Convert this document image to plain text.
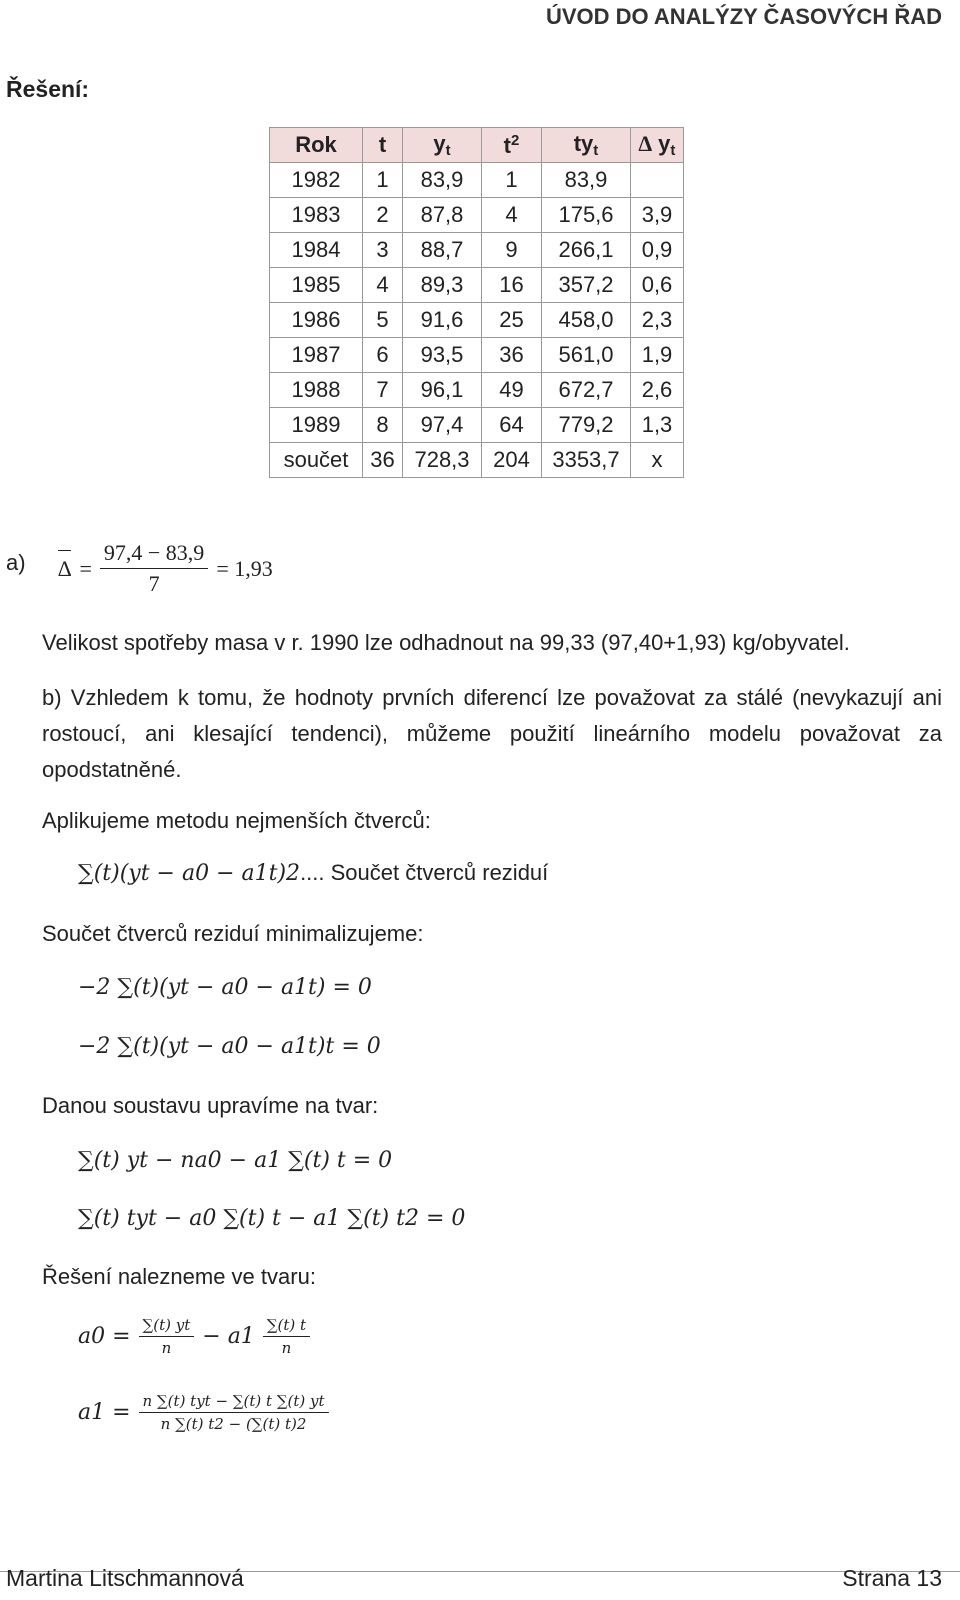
ÚVOD DO ANALÝZY ČASOVÝCH ŘAD
Řešení:
Rok	t	$y_t$	$t^2$	$ty_t$	∆ $y_t$
1982	1	83,9	1	83,9	
1983	2	87,8	4	175,6	3,9
1984	3	88,7	9	266,1	0,9
1985	4	89,3	16	357,2	0,6
1986	5	91,6	25	458,0	2,3
1987	6	93,5	36	561,0	1,9
1988	7	96,1	49	672,7	2,6
1989	8	97,4	64	779,2	1,3
součet	36	728,3	204	3353,7	x
a) ∆ = $\frac{97,4 - 83,9}{7} = 1,93$
Velikost spotřeby masa v r. 1990 lze odhadnout na 99,33 (97,40+1,93) kg/obyvatel.
b) Vzhledem k tomu, že hodnoty prvních diferencí lze považovat za stálé (nevykazují ani rostoucí, ani klesající tendenci), můžeme použití lineárního modelu považovat za opodstatněné.
Aplikujeme metodu nejmenších čtverců:
∑(t)(yt − a0 − a1t)2 .... Součet čtverců reziduí
Součet čtverců reziduí minimalizujeme:
−2 ∑(t)(yt − a0 − a1t) = 0
−2 ∑(t)(yt − a0 − a1t)t = 0
Danou soustavu upravíme na tvar:
∑(t) yt − na0 − a1 ∑(t) t = 0
∑(t) tyt − a0 ∑(t) t − a1 ∑(t) t2 = 0
Řešení nalezneme ve tvaru:
$a0 = \frac{\sum(t) yt}{n} - a1 \frac{\sum(t) t}{n}$
$a1 = \frac{\text{n ∑(t) tyt − ∑(t) t ∑(t) yt}}{n \sum(t) t2 - (\sum(t) t)2}$
Martina Litschmannová	Strana 13
